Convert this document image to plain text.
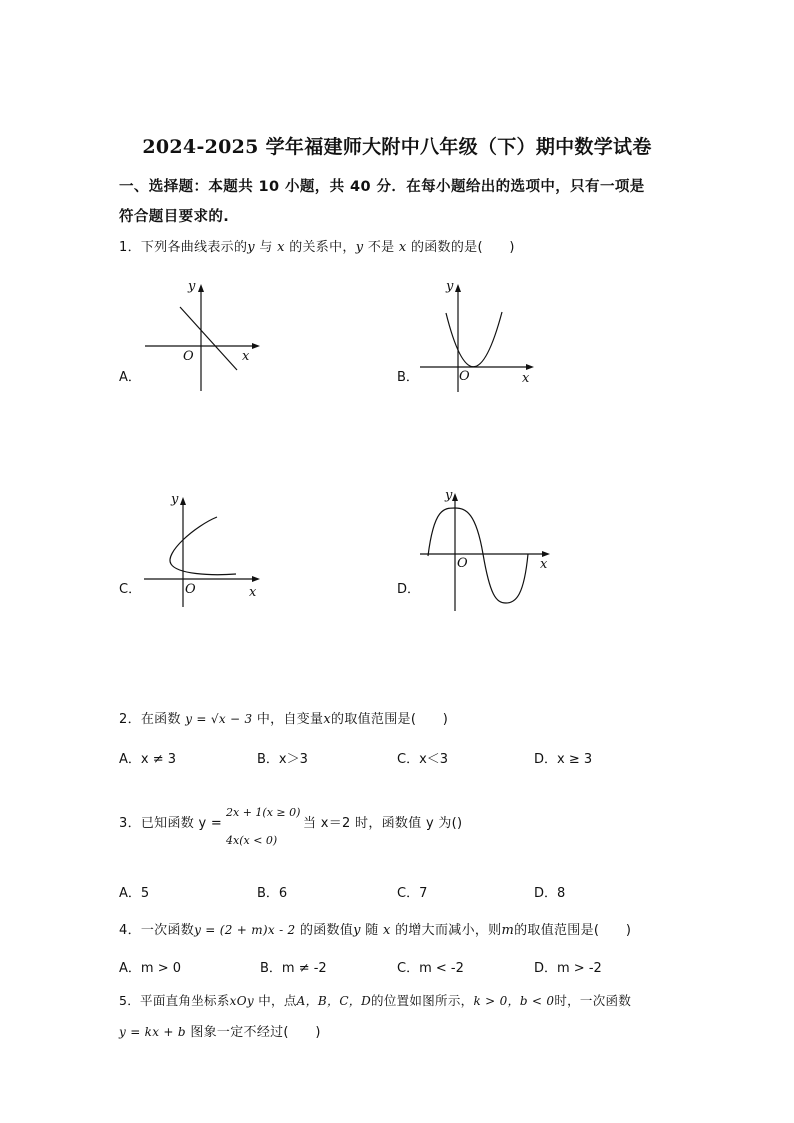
2024-2025 学年福建师大附中八年级（下）期中数学试卷
一、选择题：本题共 10 小题，共 40 分．在每小题给出的选项中，只有一项是
符合题目要求的.
1．下列各曲线表示的y 与 x 的关系中，y 不是 x 的函数的是(　　)
A．
y
x
O
B．
y
x
O
C．
y
x
O	D．
y
x
O
2．在函数 y = √x − 3 中，自变量x的取值范围是(　　)
A．x ≠ 3	B．x＞3	C．x＜3	D．x ≥ 3
3．已知函数 y =
2x + 1(x ≥ 0)
4x(x < 0)
当 x＝2 时，函数值 y 为()
A．5	B．6	C．7	D．8
4．一次函数y = (2 + m)x - 2 的函数值y 随 x 的增大而减小，则m的取值范围是(　　)
A．m > 0	B．m ≠ -2	C．m < -2	D．m > -2
5．平面直角坐标系xOy 中，点A，B，C，D的位置如图所示，k > 0，b < 0时，一次函数
y = kx + b 图象一定不经过(　　)
